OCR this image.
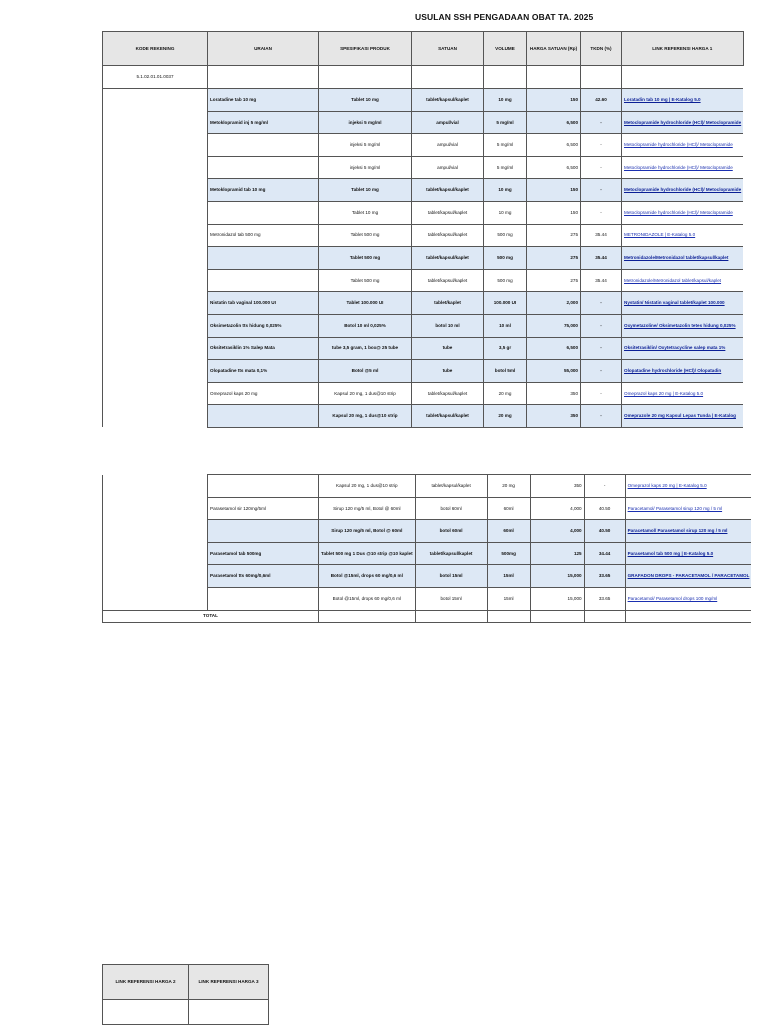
USULAN SSH PENGADAAN OBAT TA. 2025
KODE REKENING	URAIAN	SPESIFIKASI PRODUK	SATUAN	VOLUME	HARGA SATUAN (Rp)	TKDN (%)	LINK REFERENSI HARGA 1
5.1.02.01.01.0037							
	Loratadine tab 10 mg	Tablet 10 mg	tablet/kapsul/kaplet	10 mg	150	42.60	Loratadin tab 10 mg | E-Katalog 5.0
	Metoklopramid inj 5 mg/ml	injeksi 5 mg/ml	ampul/vial	5 mg/ml	6,500	-	Metoclopramide hydrochloride (HCl)/ Metoclopramide
		injeksi 5 mg/ml	ampul/vial	5 mg/ml	6,500	-	Metoclopramide hydrochloride (HCl)/ Metoclopramide
		injeksi 5 mg/ml	ampul/vial	5 mg/ml	6,500	-	Metoclopramide hydrochloride (HCl)/ Metoclopramide
	Metoklopramid tab 10 mg	Tablet 10 mg	tablet/kapsul/kaplet	10 mg	150	-	Metoclopramide hydrochloride (HCl)/ Metoclopramide
		Tablet 10 mg	tablet/kapsul/kaplet	10 mg	150	-	Metoclopramide hydrochloride (HCl)/ Metoclopramide
	Metronidazol tab 500 mg	Tablet 500 mg	tablet/kapsul/kaplet	500 mg	275	35.44	METRONIDAZOLE | E-Katalog 5.0
		Tablet 500 mg	tablet/kapsul/kaplet	500 mg	275	35.44	Metronidazole/Metronidazol tablet/kapsul/kaplet
		Tablet 500 mg	tablet/kapsul/kaplet	500 mg	275	35.44	Metronidazole/Metronidazol tablet/kapsul/kaplet
	Nistatin tab vaginal 100.000 UI	Tablet 100.000 UI	tablet/kaplet	100.000 UI	2,000	-	Nystatin/ Nistatin vaginal tablet/kaplet 100.000
	Oksimetazolin tts hidung 0,025%	Botol 10 ml 0,025%	botol 10 ml	10 ml	75,000	-	Oxymetazoline/ Oksimetazolin tetes hidung 0,025%
	Oksitetrasiklin 1% Salep Mata	tube 3,5 gram, 1 box@ 25 tube	tube	3,5 gr	6,500	-	Oksitetrasiklin/ Oxytetracycline salep mata 1%
	Olopatadine tts mata 0,1%	Botol @5 ml	tube	botol 5ml	55,000	-	Olopatadine hydrochloride (HCl)/ Olopatadin
	Omeprazol kaps 20 mg	Kapsul 20 mg, 1 dus@10 strip	tablet/kapsul/kaplet	20 mg	350	-	Omeprazol kaps 20 mg | E-Katalog 5.0
		Kapsul 20 mg, 1 dus@10 strip	tablet/kapsul/kaplet	20 mg	350	-	Omeprazole 20 mg Kapsul Lepas Tunda | E-Katalog
		Kapsul 20 mg, 1 dus@10 strip	tablet/kapsul/kaplet	20 mg	350	-	Omeprazol kaps 20 mg | E-Katalog 5.0
	Parasetamol sir 120mg/5ml	Sirup 120 mg/5 ml, Botol @ 60ml	botol 60ml	60ml	4,000	40.50	Paracetamol/ Parasetamol sirup 120 mg / 5 ml
		Sirup 120 mg/5 ml, Botol @ 60ml	botol 60ml	60ml	4,000	40.50	Paracetamol/ Parasetamol sirup 120 mg / 5 ml
	Parasetamol tab 500mg	Tablet 500 mg 1 Dus @10 strip @10 kaplet	tablet/kapsul/kaplet	500mg	125	34.44	Parasetamol tab 500 mg | E-Katalog 5.0
	Parasetamol tts 60mg/0,6ml	Botol @15ml, drops 60 mg/0,6 ml	botol 15ml	15ml	15,000	33.65	GRAFADON DROPS - PARACETAMOL / PARACETAMOL
		Botol @15ml, drops 60 mg/0,6 ml	botol 15ml	15ml	15,000	33.65	Paracetamol/ Parasetamol drops 100 mg/ml
TOTAL							
LINK REFERENSI HARGA 2	LINK REFERENSI HARGA 3
